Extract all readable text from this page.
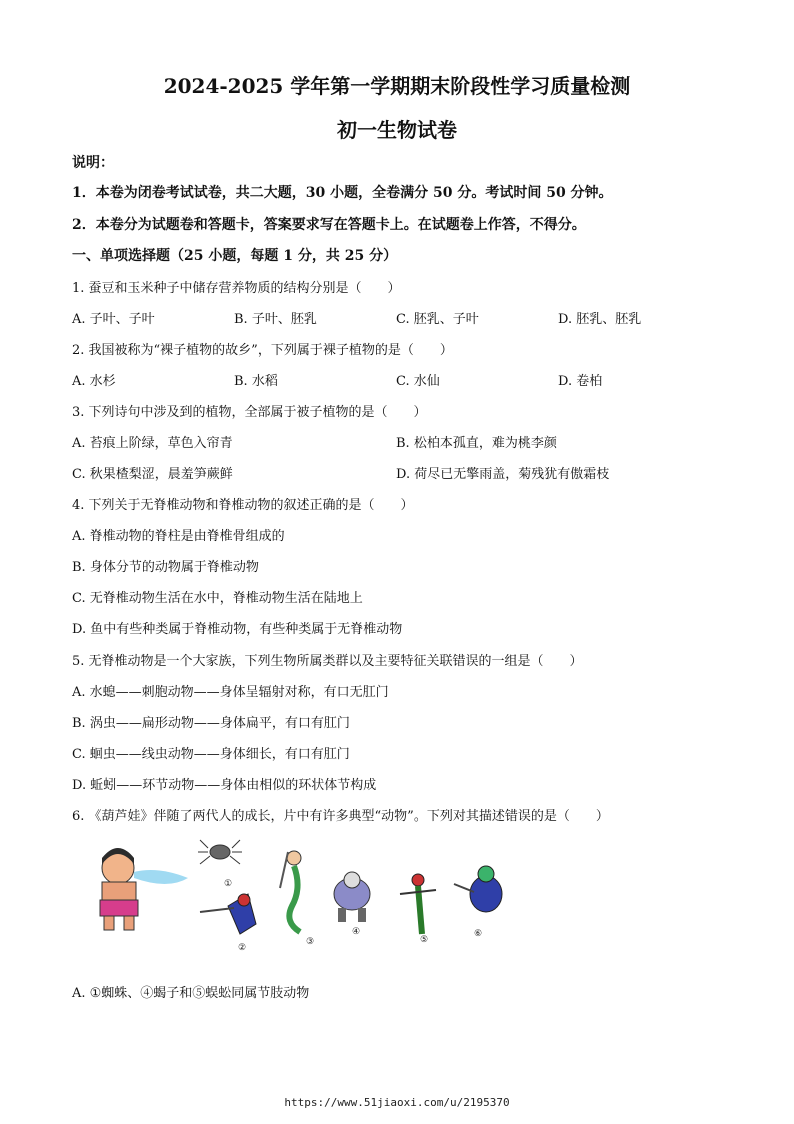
2024-2025 学年第一学期期末阶段性学习质量检测
初一生物试卷
说明：
1．本卷为闭卷考试试卷，共二大题，30 小题，全卷满分 50 分。考试时间 50 分钟。
2．本卷分为试题卷和答题卡，答案要求写在答题卡上。在试题卷上作答，不得分。
一、单项选择题（25 小题，每题 1 分，共 25 分）
1. 蚕豆和玉米种子中储存营养物质的结构分别是（　　）
A. 子叶、子叶	B. 子叶、胚乳	C. 胚乳、子叶	D. 胚乳、胚乳
2. 我国被称为“裸子植物的故乡”，下列属于裸子植物的是（　　）
A. 水杉	B. 水稻	C. 水仙	D. 卷柏
3. 下列诗句中涉及到的植物，全部属于被子植物的是（　　）
A. 苔痕上阶绿，草色入帘青	B. 松柏本孤直，难为桃李颜
C. 秋果楂梨涩，晨羞笋蕨鲜	D. 荷尽已无擎雨盖，菊残犹有傲霜枝
4. 下列关于无脊椎动物和脊椎动物的叙述正确的是（　　）
A. 脊椎动物的脊柱是由脊椎骨组成的
B. 身体分节的动物属于脊椎动物
C. 无脊椎动物生活在水中，脊椎动物生活在陆地上
D. 鱼中有些种类属于脊椎动物，有些种类属于无脊椎动物
5. 无脊椎动物是一个大家族，下列生物所属类群以及主要特征关联错误的一组是（　　）
A. 水螅——刺胞动物——身体呈辐射对称，有口无肛门
B. 涡虫——扁形动物——身体扁平，有口有肛门
C. 蛔虫——线虫动物——身体细长，有口有肛门
D. 蚯蚓——环节动物——身体由相似的环状体节构成
6. 《葫芦娃》伴随了两代人的成长，片中有许多典型“动物”。下列对其描述错误的是（　　）
①
②
③
④
⑤
⑥
A. ①蜘蛛、④蝎子和⑤蜈蚣同属节肢动物
https://www.51jiaoxi.com/u/2195370
